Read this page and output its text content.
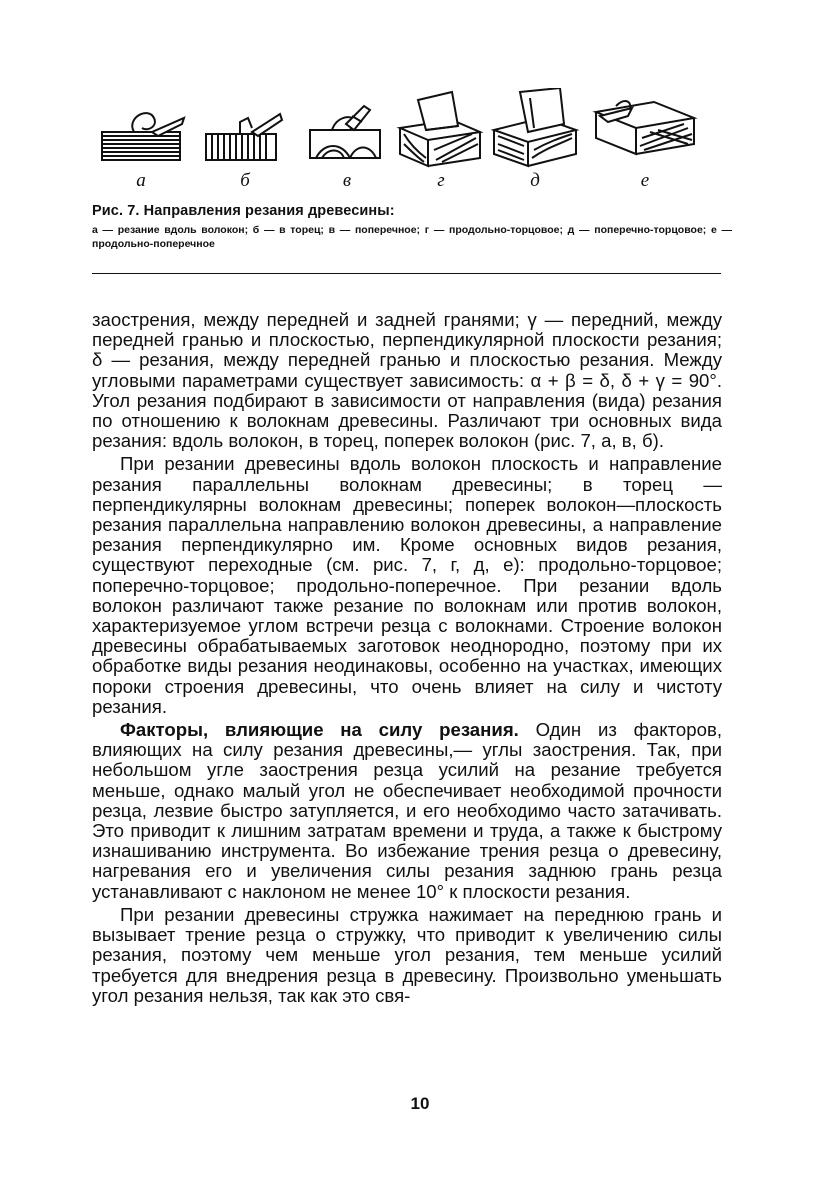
а	б	в	г	д	е

Рис. 7. Направления резания древесины:

а — резание вдоль волокон; б — в торец; в — поперечное; г — продольно-торцовое; д — поперечно-торцовое; е — продольно-поперечное

заострения, между передней и задней гранями; γ — передний, между передней гранью и плоскостью, перпендикулярной плоскости резания; δ — резания, между передней гранью и плоскостью резания. Между угловыми параметрами существует зависимость: α + β = δ, δ + γ = 90°. Угол резания подбирают в зависимости от направления (вида) резания по отношению к волокнам древесины. Различают три основных вида резания: вдоль волокон, в торец, поперек волокон (рис. 7, а, в, б).

При резании древесины вдоль волокон плоскость и направление резания параллельны волокнам древесины; в торец — перпендикулярны волокнам древесины; поперек волокон—плоскость резания параллельна направлению волокон древесины, а направление резания перпендикулярно им. Кроме основных видов резания, существуют переходные (см. рис. 7, г, д, е): продольно-торцовое; поперечно-торцовое; продольно-поперечное. При резании вдоль волокон различают также резание по волокнам или против волокон, характеризуемое углом встречи резца с волокнами. Строение волокон древесины обрабатываемых заготовок неоднородно, поэтому при их обработке виды резания неодинаковы, особенно на участках, имеющих пороки строения древесины, что очень влияет на силу и чистоту резания.

Факторы, влияющие на силу резания. Один из факторов, влияющих на силу резания древесины,— углы заострения. Так, при небольшом угле заострения резца усилий на резание требуется меньше, однако малый угол не обеспечивает необходимой прочности резца, лезвие быстро затупляется, и его необходимо часто затачивать. Это приводит к лишним затратам времени и труда, а также к быстрому изнашиванию инструмента. Во избежание трения резца о древесину, нагревания его и увеличения силы резания заднюю грань резца устанавливают с наклоном не менее 10° к плоскости резания.

При резании древесины стружка нажимает на переднюю грань и вызывает трение резца о стружку, что приводит к увеличению силы резания, поэтому чем меньше угол резания, тем меньше усилий требуется для внедрения резца в древесину. Произвольно уменьшать угол резания нельзя, так как это свя-

10
